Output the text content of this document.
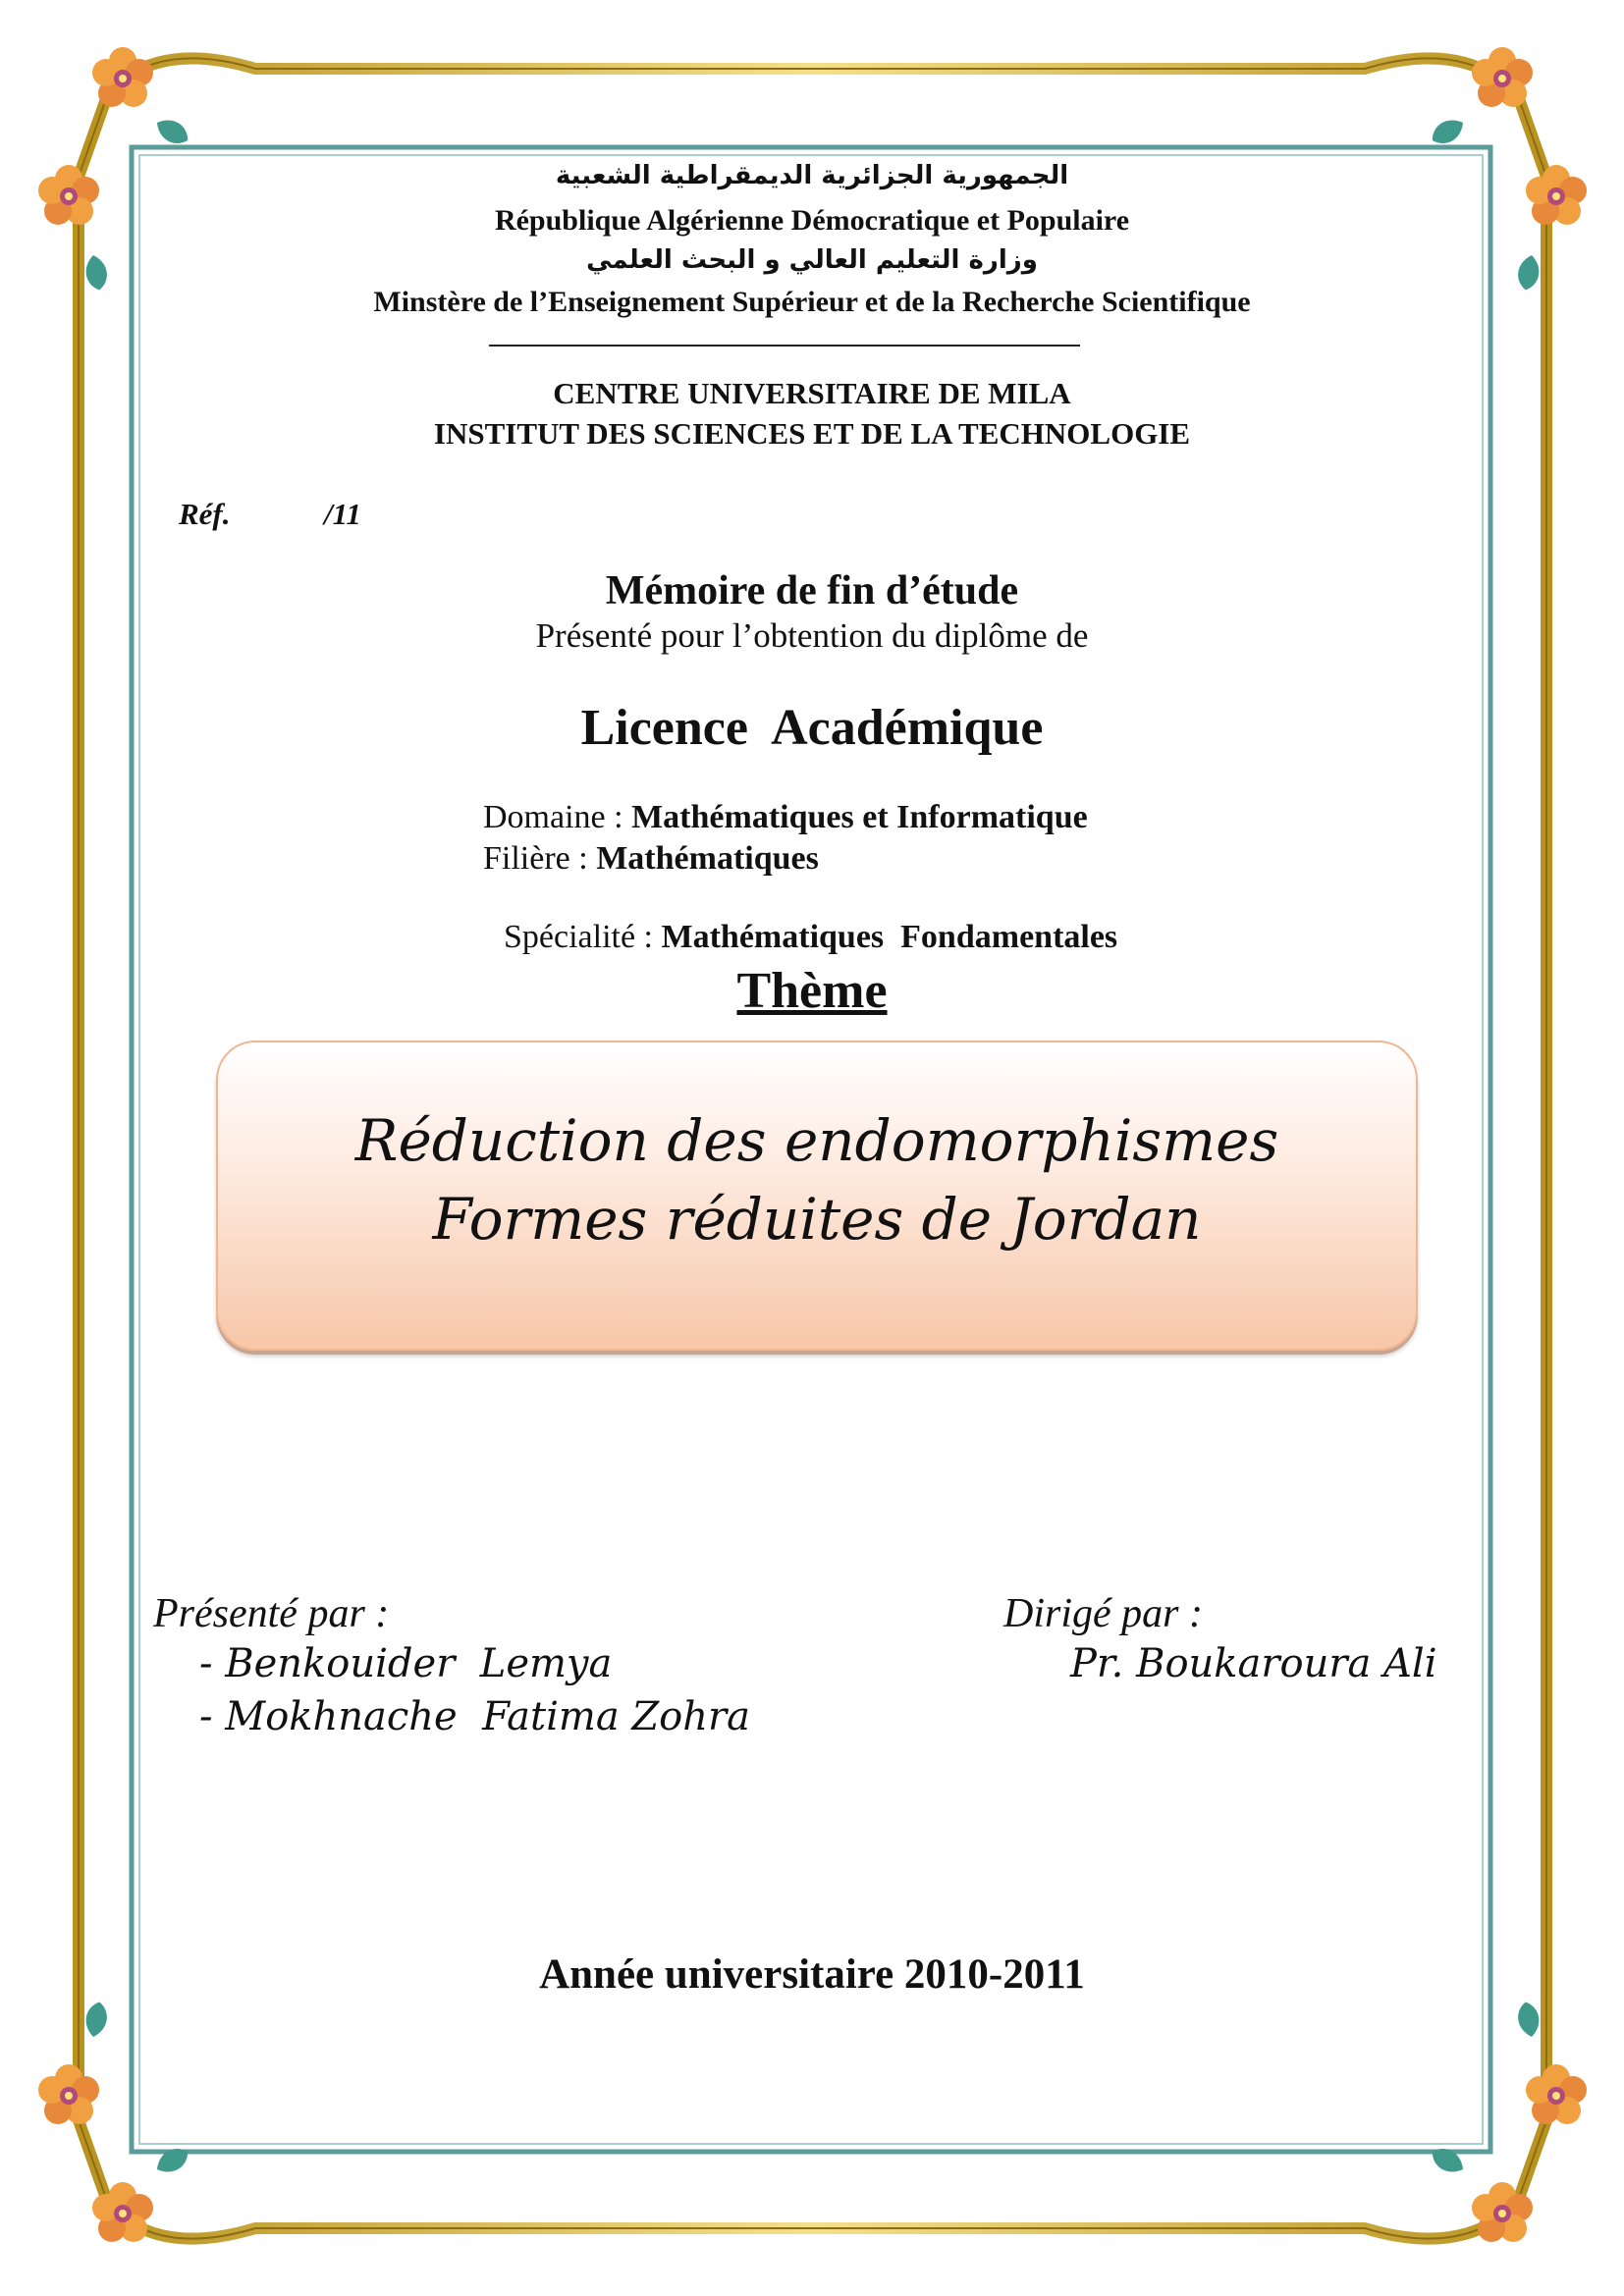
الجمهورية الجزائرية الديمقراطية الشعبية
République Algérienne Démocratique et Populaire
وزارة التعليم العالي و البحث العلمي
Minstère de l’Enseignement Supérieur et de la Recherche Scientifique
CENTRE UNIVERSITAIRE DE MILA
INSTITUT DES SCIENCES ET DE LA TECHNOLOGIE
Réf.	/11
Mémoire de fin d’étude
Présenté pour l’obtention du diplôme de
Licence  Académique
Domaine : Mathématiques et Informatique
Filière : Mathématiques

Spécialité : Mathématiques  Fondamentales

Thème
Réduction des endomorphismes
Formes réduites de Jordan
Présenté par :
- Benkouider  Lemya
- Mokhnache  Fatima Zohra
Dirigé par :
Pr. Boukaroura Ali
Année universitaire 2010-2011
